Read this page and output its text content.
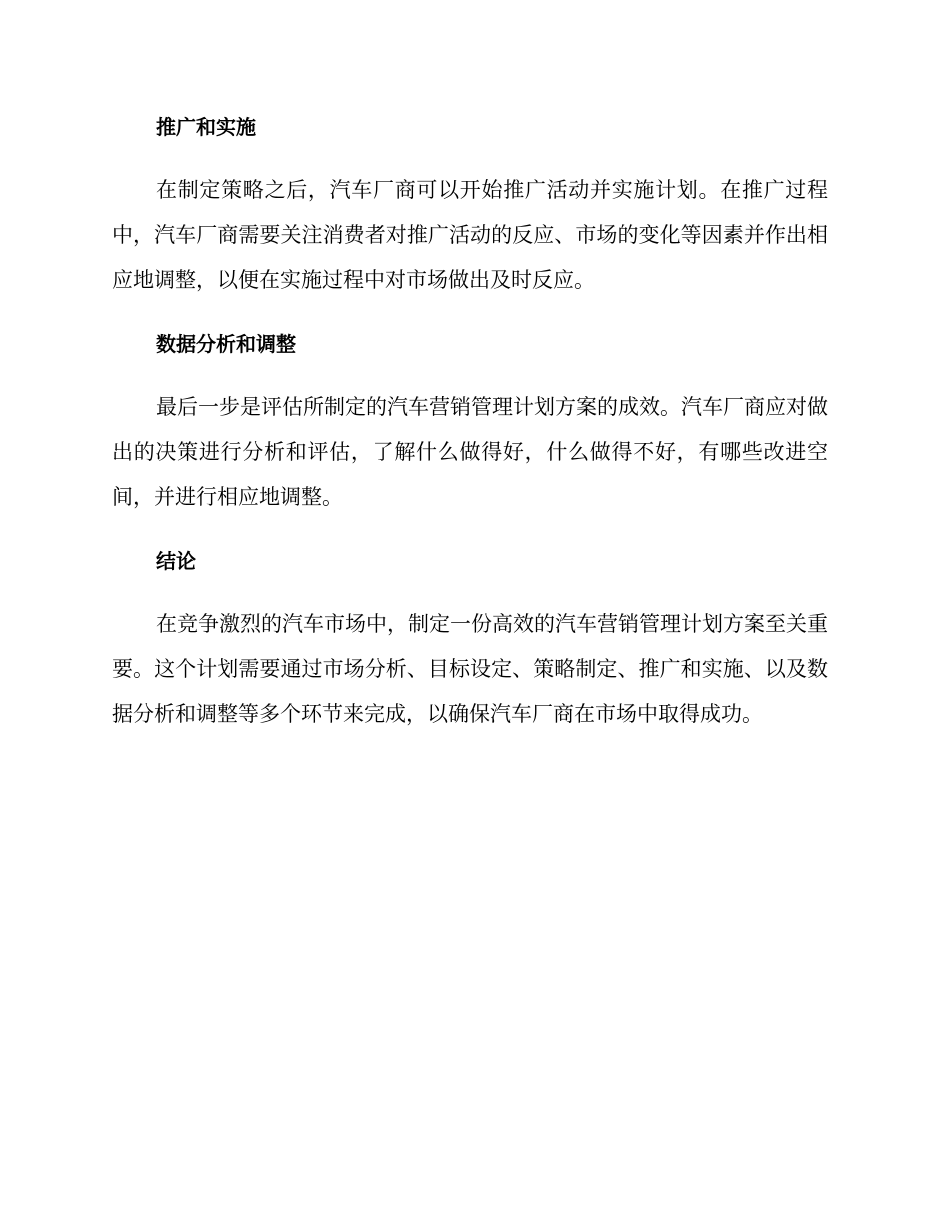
推广和实施

在制定策略之后，汽车厂商可以开始推广活动并实施计划。在推广过程中，汽车厂商需要关注消费者对推广活动的反应、市场的变化等因素并作出相应地调整，以便在实施过程中对市场做出及时反应。

数据分析和调整

最后一步是评估所制定的汽车营销管理计划方案的成效。汽车厂商应对做出的决策进行分析和评估，了解什么做得好，什么做得不好，有哪些改进空间，并进行相应地调整。

结论

在竞争激烈的汽车市场中，制定一份高效的汽车营销管理计划方案至关重要。这个计划需要通过市场分析、目标设定、策略制定、推广和实施、以及数据分析和调整等多个环节来完成，以确保汽车厂商在市场中取得成功。
